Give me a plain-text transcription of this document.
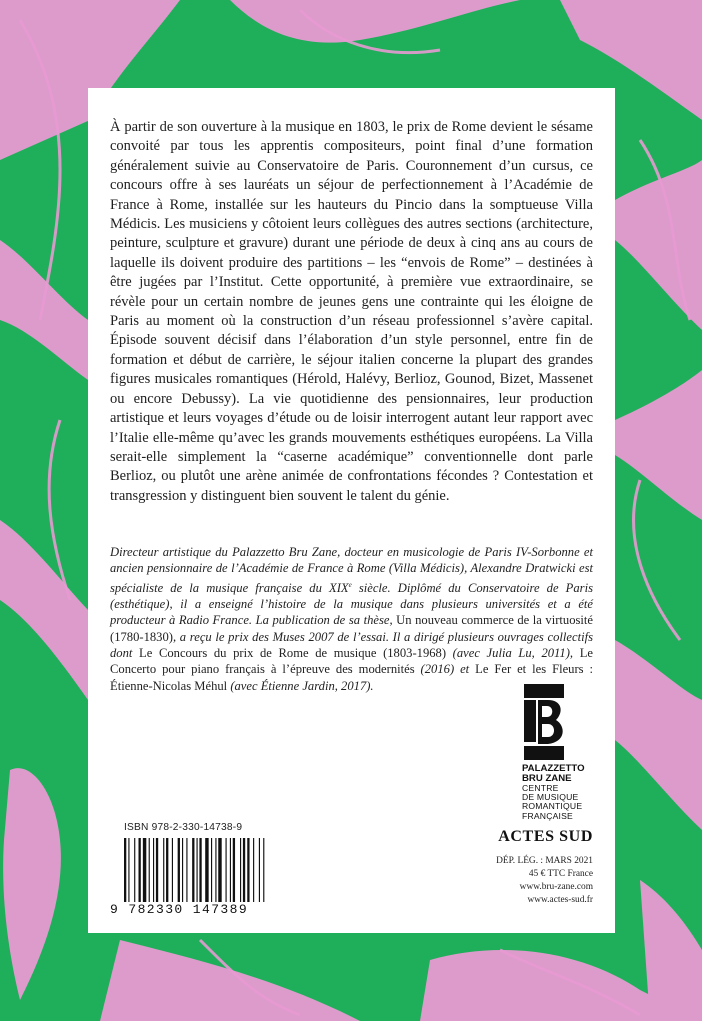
À partir de son ouverture à la musique en 1803, le prix de Rome devient le sésame convoité par tous les apprentis compositeurs, point final d’une formation généralement suivie au Conservatoire de Paris. Couronnement d’un cursus, ce concours offre à ses lauréats un séjour de perfectionnement à l’Académie de France à Rome, installée sur les hauteurs du Pincio dans la somptueuse Villa Médicis. Les musiciens y côtoient leurs collègues des autres sections (architecture, peinture, sculpture et gravure) durant une période de deux à cinq ans au cours de laquelle ils doivent produire des partitions – les “envois de Rome” – destinées à être jugées par l’Institut. Cette opportunité, à première vue extraordinaire, se révèle pour un certain nombre de jeunes gens une contrainte qui les éloigne de Paris au moment où la construction d’un réseau professionnel s’avère capital. Épisode souvent décisif dans l’élaboration d’un style personnel, entre fin de formation et début de carrière, le séjour italien concerne la plupart des grandes figures musicales romantiques (Hérold, Halévy, Berlioz, Gounod, Bizet, Massenet ou encore Debussy). La vie quotidienne des pensionnaires, leur production artistique et leurs voyages d’étude ou de loisir interrogent autant leur rapport avec l’Italie elle-même qu’avec les grands mouvements esthétiques européens. La Villa serait-elle simplement la “caserne académique” conventionnelle dont parle Berlioz, ou plutôt une arène animée de confrontations fécondes ? Contestation et transgression y distinguent bien souvent le talent du génie.

Directeur artistique du Palazzetto Bru Zane, docteur en musicologie de Paris IV-Sorbonne et ancien pensionnaire de l’Académie de France à Rome (Villa Médicis), Alexandre Dratwicki est spécialiste de la musique française du XIXe siècle. Diplômé du Conservatoire de Paris (esthétique), il a enseigné l’histoire de la musique dans plusieurs universités et a été producteur à Radio France. La publication de sa thèse, Un nouveau commerce de la virtuosité (1780-1830), a reçu le prix des Muses 2007 de l’essai. Il a dirigé plusieurs ouvrages collectifs dont Le Concours du prix de Rome de musique (1803-1968) (avec Julia Lu, 2011), Le Concerto pour piano français à l’épreuve des modernités (2016) et Le Fer et les Fleurs : Étienne-Nicolas Méhul (avec Étienne Jardin, 2017).

PALAZZETTO
BRU ZANE
CENTRE
DE MUSIQUE
ROMANTIQUE
FRANÇAISE
ACTES SUD
DÉP. LÉG. : MARS 2021
45 € TTC France
www.bru-zane.com
www.actes-sud.fr
ISBN 978-2-330-14738-9
9 782330 147389
